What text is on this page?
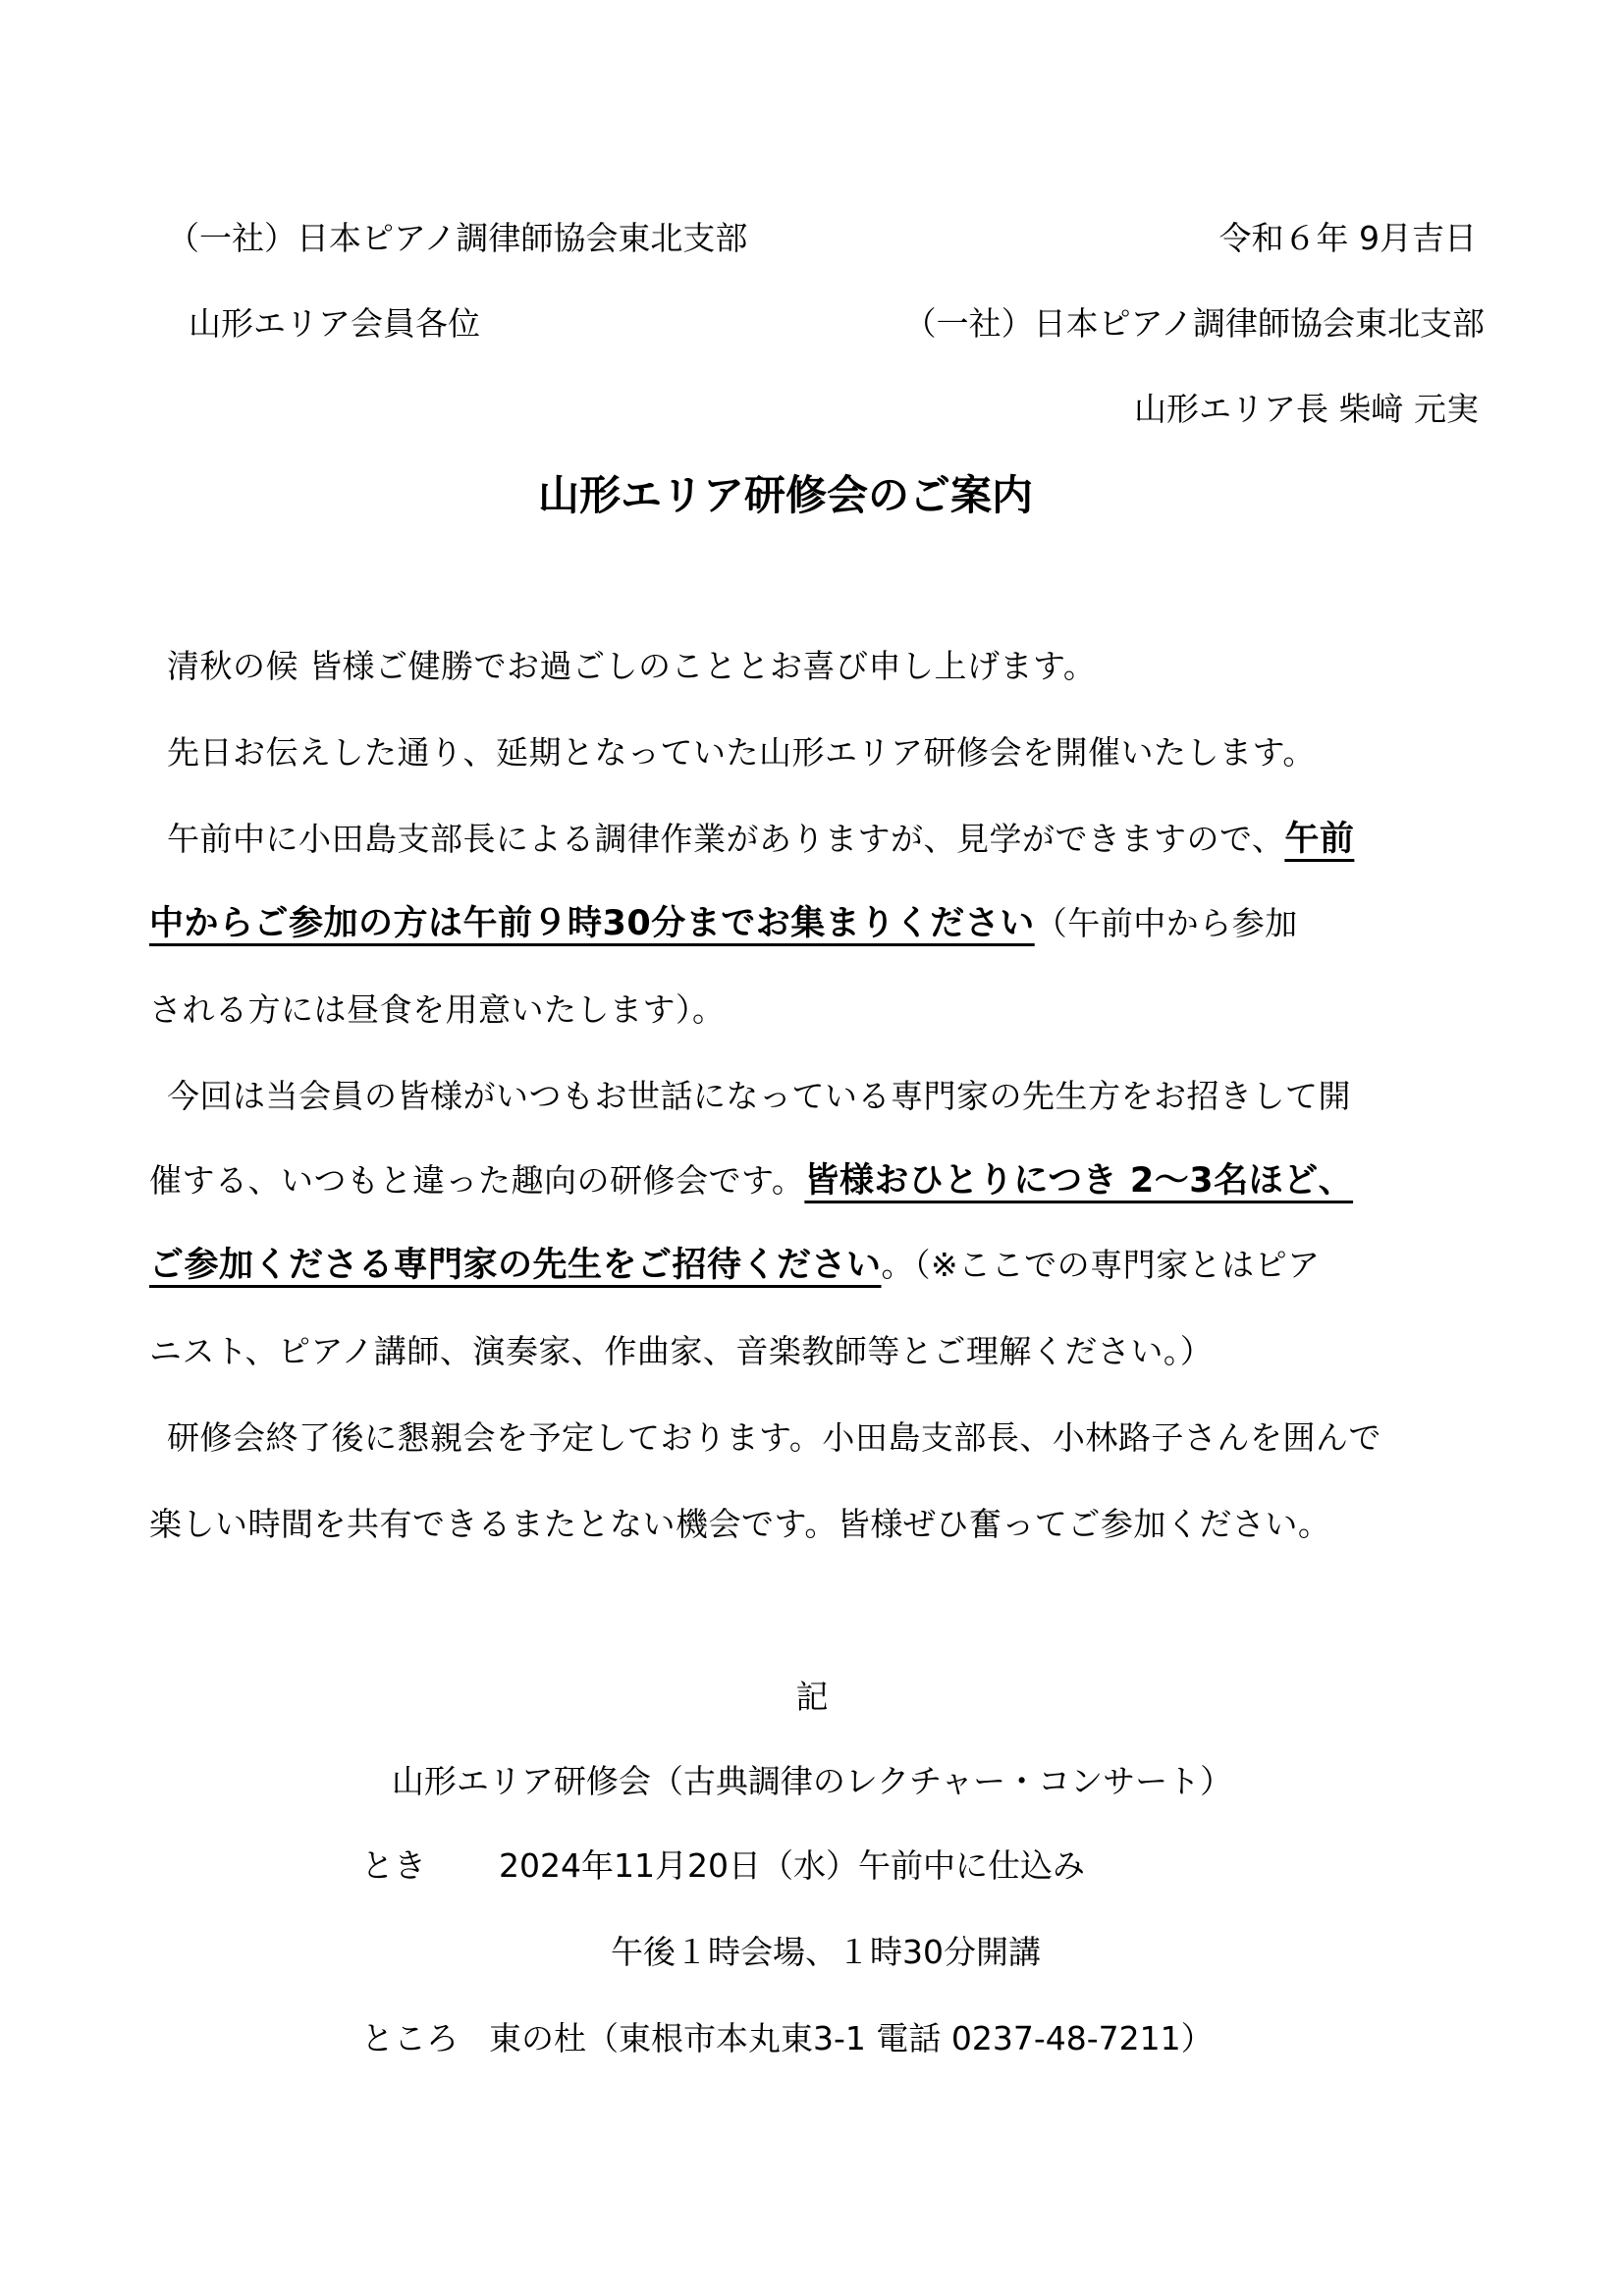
（一社）日本ピアノ調律師協会東北支部	令和６年 9月吉日
山形エリア会員各位	（一社）日本ピアノ調律師協会東北支部
山形エリア長 柴﨑 元実
山形エリア研修会のご案内
清秋の候 皆様ご健勝でお過ごしのこととお喜び申し上げます。
先日お伝えした通り、延期となっていた山形エリア研修会を開催いたします。
午前中に小田島支部長による調律作業がありますが、見学ができますので、午前
中からご参加の方は午前９時30分までお集まりください（午前中から参加
される方には昼食を用意いたします）。
今回は当会員の皆様がいつもお世話になっている専門家の先生方をお招きして開
催する、いつもと違った趣向の研修会です。皆様おひとりにつき 2〜3名ほど、
ご参加くださる専門家の先生をご招待ください。（※ここでの専門家とはピア
ニスト、ピアノ講師、演奏家、作曲家、音楽教師等とご理解ください。）
研修会終了後に懇親会を予定しております。小田島支部長、小林路子さんを囲んで
楽しい時間を共有できるまたとない機会です。皆様ぜひ奮ってご参加ください。
記
山形エリア研修会（古典調律のレクチャー・コンサート）
とき 2024年11月20日（水）午前中に仕込み
午後１時会場、１時30分開講
ところ 東の杜（東根市本丸東3-1 電話 0237-48-7211）
